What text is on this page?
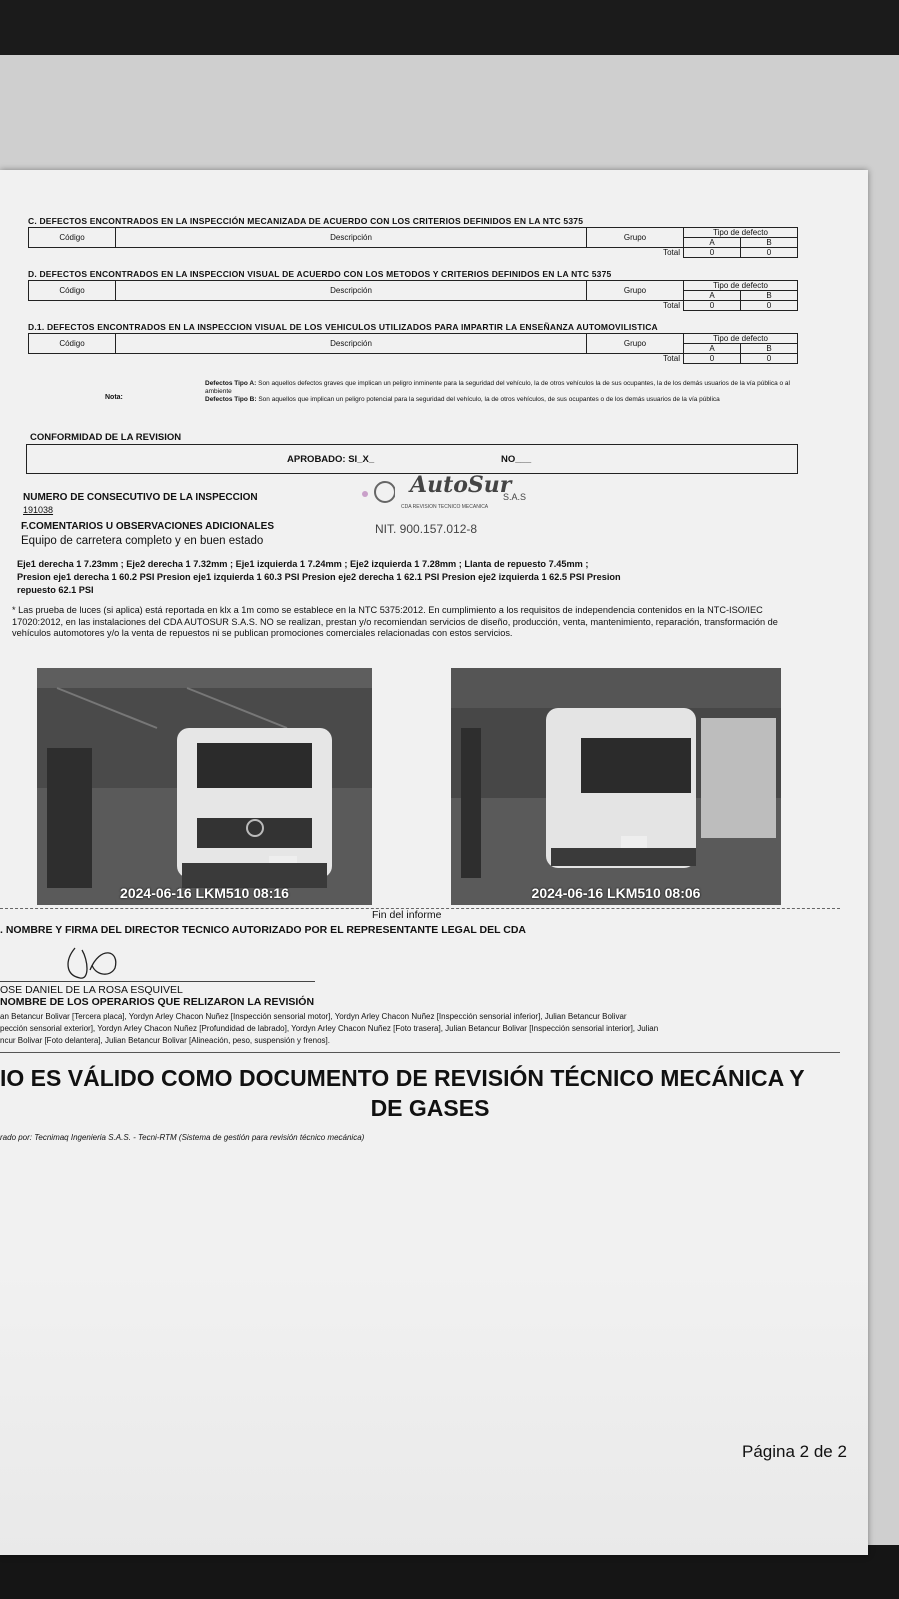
C. DEFECTOS ENCONTRADOS EN LA INSPECCIÓN MECANIZADA DE ACUERDO CON LOS CRITERIOS DEFINIDOS EN LA NTC 5375
Código	Descripción	Grupo	Tipo de defecto	
			A	B
Total			0	0
D. DEFECTOS ENCONTRADOS EN LA INSPECCION VISUAL DE ACUERDO CON LOS METODOS Y CRITERIOS DEFINIDOS EN LA NTC 5375
Código	Descripción	Grupo	Tipo de defecto	
			A	B
Total			0	0
D.1. DEFECTOS ENCONTRADOS EN LA INSPECCION VISUAL DE LOS VEHICULOS UTILIZADOS PARA IMPARTIR LA ENSEÑANZA AUTOMOVILISTICA
Código	Descripción	Grupo	Tipo de defecto	
			A	B
Total			0	0
Nota:
Defectos Tipo A: Son aquellos defectos graves que implican un peligro inminente para la seguridad del vehículo, la de otros vehículos la de sus ocupantes, la de los demás usuarios de la vía pública o al ambiente
Defectos Tipo B: Son aquellos que implican un peligro potencial para la seguridad del vehículo, la de otros vehículos, de sus ocupantes o de los demás usuarios de la vía pública
CONFORMIDAD DE LA REVISION
APROBADO: SI_X_	NO___
NUMERO DE CONSECUTIVO DE LA INSPECCION
191038
AutoSur
S.A.S
CDA REVISION TECNICO MECANICA
NIT. 900.157.012-8
F.COMENTARIOS U OBSERVACIONES ADICIONALES
Equipo de carretera completo y en buen estado
Eje1 derecha 1 7.23mm ; Eje2 derecha 1 7.32mm ; Eje1 izquierda 1 7.24mm ; Eje2 izquierda 1 7.28mm ; Llanta de repuesto 7.45mm ;
Presion eje1 derecha 1 60.2 PSI Presion eje1 izquierda 1 60.3 PSI Presion eje2 derecha 1 62.1 PSI Presion eje2 izquierda 1 62.5 PSI Presion
repuesto 62.1 PSI
* Las prueba de luces (si aplica) está reportada en klx a 1m como se establece en la NTC 5375:2012. En cumplimiento a los requisitos de independencia contenidos en la NTC-ISO/IEC 17020:2012, en las instalaciones del CDA AUTOSUR S.A.S. NO se realizan, prestan y/o recomiendan servicios de diseño, producción, venta, mantenimiento, reparación, transformación de vehículos automotores y/o la venta de repuestos ni se publican promociones comerciales relacionadas con estos servicios.
2024-06-16 LKM510 08:16	2024-06-16 LKM510 08:06
Fin del informe
. NOMBRE Y FIRMA DEL DIRECTOR TECNICO AUTORIZADO POR EL REPRESENTANTE LEGAL DEL CDA
OSE DANIEL DE LA ROSA ESQUIVEL
NOMBRE DE LOS OPERARIOS QUE RELIZARON LA REVISIÓN
an Betancur Bolivar [Tercera placa], Yordyn Arley Chacon Nuñez [Inspección sensorial motor], Yordyn Arley Chacon Nuñez [Inspección sensorial inferior], Julian Betancur Bolivar
pección sensorial exterior], Yordyn Arley Chacon Nuñez [Profundidad de labrado], Yordyn Arley Chacon Nuñez [Foto trasera], Julian Betancur Bolivar [Inspección sensorial interior], Julian
ncur Bolivar [Foto delantera], Julian Betancur Bolivar [Alineación, peso, suspensión y frenos].
IO ES VÁLIDO COMO DOCUMENTO DE REVISIÓN TÉCNICO MECÁNICA Y
DE GASES
rado por: Tecnimaq Ingenieria S.A.S. - Tecni-RTM (Sistema de gestión para revisión técnico mecánica)
Página 2 de 2
